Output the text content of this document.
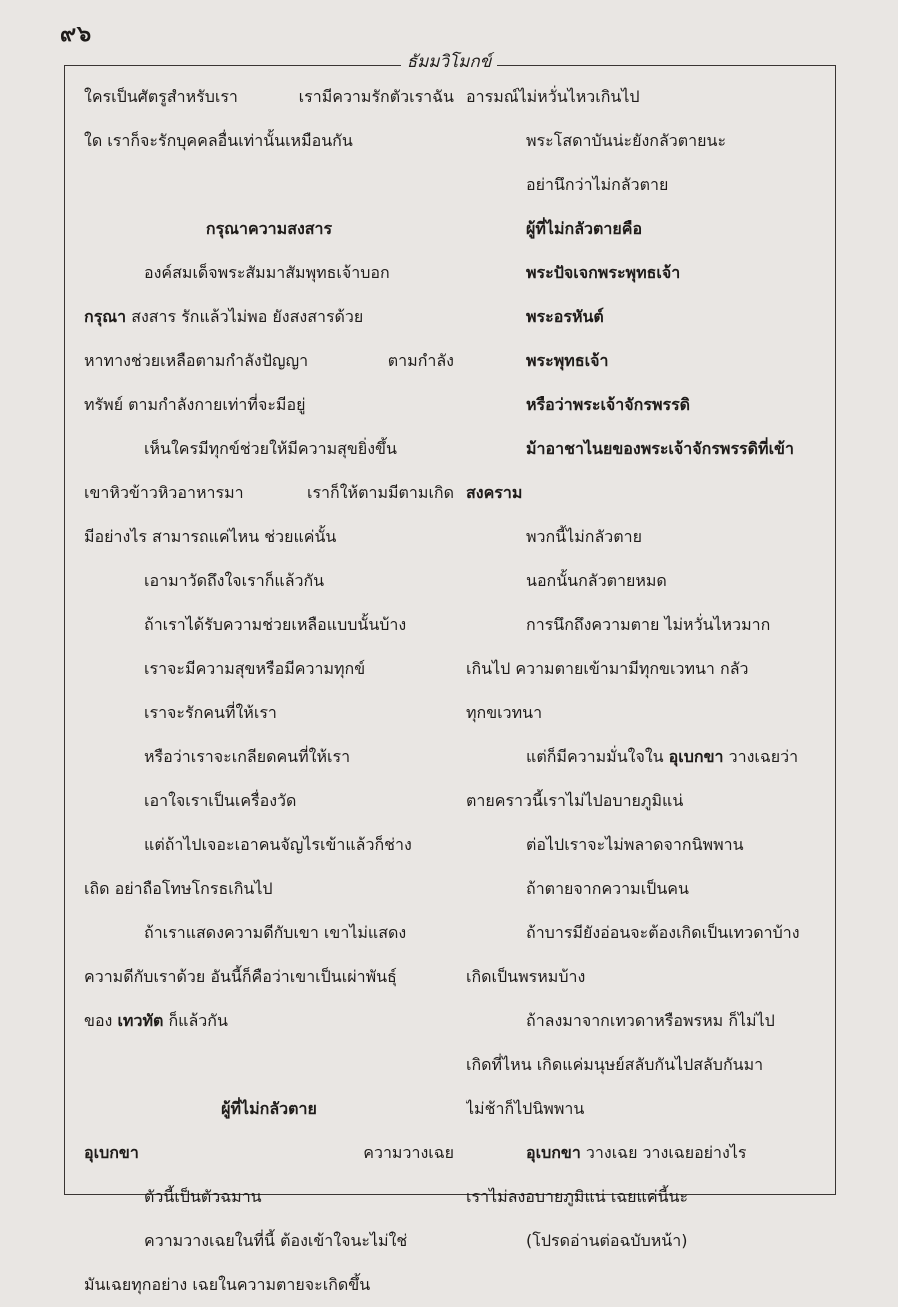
๙๖
ธัมมวิโมกข์
ใครเป็นศัตรูสำหรับเรา	เรามีความรักตัวเราฉัน
ใด เราก็จะรักบุคคลอื่นเท่านั้นเหมือนกัน
กรุณาความสงสาร
องค์สมเด็จพระสัมมาสัมพุทธเจ้าบอก
กรุณา สงสาร รักแล้วไม่พอ ยังสงสารด้วย
หาทางช่วยเหลือตามกำลังปัญญา	ตามกำลัง
ทรัพย์ ตามกำลังกายเท่าที่จะมีอยู่
เห็นใครมีทุกข์ช่วยให้มีความสุขยิ่งขึ้น
เขาหิวข้าวหิวอาหารมา	เราก็ให้ตามมีตามเกิด
มีอย่างไร สามารถแค่ไหน ช่วยแค่นั้น
เอามาวัดถึงใจเราก็แล้วกัน
ถ้าเราได้รับความช่วยเหลือแบบนั้นบ้าง
เราจะมีความสุขหรือมีความทุกข์
เราจะรักคนที่ให้เรา
หรือว่าเราจะเกลียดคนที่ให้เรา
เอาใจเราเป็นเครื่องวัด
แต่ถ้าไปเจอะเอาคนจัญไรเข้าแล้วก็ช่าง
เถิด อย่าถือโทษโกรธเกินไป
ถ้าเราแสดงความดีกับเขา เขาไม่แสดง
ความดีกับเราด้วย อันนี้ก็คือว่าเขาเป็นเผ่าพันธุ์
ของ เทวทัต ก็แล้วกัน
ผู้ที่ไม่กลัวตาย
อุเบกขา	ความวางเฉย
ตัวนี้เป็นตัวฉมาน
ความวางเฉยในที่นี้ ต้องเข้าใจนะไม่ใช่
มันเฉยทุกอย่าง เฉยในความตายจะเกิดขึ้น
อารมณ์ไม่หวั่นไหวเกินไป
พระโสดาบันน่ะยังกลัวตายนะ
อย่านึกว่าไม่กลัวตาย
ผู้ที่ไม่กลัวตายคือ
พระปัจเจกพระพุทธเจ้า
พระอรหันต์
พระพุทธเจ้า
หรือว่าพระเจ้าจักรพรรดิ
ม้าอาชาไนยของพระเจ้าจักรพรรดิที่เข้า
สงคราม
พวกนี้ไม่กลัวตาย
นอกนั้นกลัวตายหมด
การนึกถึงความตาย ไม่หวั่นไหวมาก
เกินไป ความตายเข้ามามีทุกขเวทนา กลัว
ทุกขเวทนา
แต่ก็มีความมั่นใจใน อุเบกขา วางเฉยว่า
ตายคราวนี้เราไม่ไปอบายภูมิแน่
ต่อไปเราจะไม่พลาดจากนิพพาน
ถ้าตายจากความเป็นคน
ถ้าบารมียังอ่อนจะต้องเกิดเป็นเทวดาบ้าง
เกิดเป็นพรหมบ้าง
ถ้าลงมาจากเทวดาหรือพรหม ก็ไม่ไป
เกิดที่ไหน เกิดแค่มนุษย์สลับกันไปสลับกันมา
ไม่ช้าก็ไปนิพพาน
อุเบกขา วางเฉย วางเฉยอย่างไร
เราไม่ลงอบายภูมิแน่ เฉยแค่นี้นะ
(โปรดอ่านต่อฉบับหน้า)
